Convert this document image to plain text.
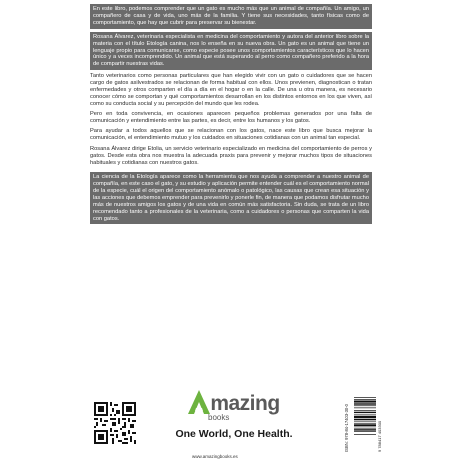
En este libro, podemos comprender que un gato es mucho más que un animal de compañía. Un amigo, un compañero de casa y de vida, uno más de la familia. Y tiene sus necesidades, tanto físicas como de comportamiento, que hay que cubrir para preservar su bienestar.
Rosana Álvarez, veterinaria especialista en medicina del comportamiento y autora del anterior libro sobre la materia con el título Etología canina, nos lo enseña en su nueva obra. Un gato es un animal que tiene un lenguaje propio para comunicarse, como especie posee unos comportamientos característicos que lo hacen único y a veces incomprendido. Un animal que está superando al perro como compañero preferido a la hora de compartir nuestras vidas.
Tanto veterinarios como personas particulares que han elegido vivir con un gato o cuidadores que se hacen cargo de gatos asilvestrados se relacionan de forma habitual con ellos. Unos previenen, diagnostican o tratan enfermedades y otros comparten el día a día en el hogar o en la calle. De una u otra manera, es necesario conocer cómo se comportan y qué comportamientos desarrollan en los distintos entornos en los que viven, así como su conducta social y su percepción del mundo que les rodea.
Pero en toda convivencia, en ocasiones aparecen pequeños problemas generados por una falta de comunicación y entendimiento entre las partes, es decir, entre los humanos y los gatos.
Para ayudar a todos aquellos que se relacionan con los gatos, nace este libro que busca mejorar la comunicación, el entendimiento mutuo y los cuidados en situaciones cotidianas con un animal tan especial.
Rosana Álvarez dirige Etolia, un servicio veterinario especializado en medicina del comportamiento de perros y gatos. Desde esta obra nos muestra la adecuada praxis para prevenir y mejorar muchos tipos de situaciones habituales y cotidianas con nuestros gatos.
La ciencia de la Etología aparece como la herramienta que nos ayuda a comprender a nuestro animal de compañía, en este caso el gato, y su estudio y aplicación permite entender cuál es el comportamiento normal de la especie, cuál el origen del comportamiento anómalo o patológico, las causas que crean esa situación y las acciones que debemos emprender para prevenirlo y ponerle fin, de manera que podamos disfrutar mucho más de nuestros amigos los gatos y de una vida en común más satisfactoria. Sin duda, se trata de un libro recomendado tanto a profesionales de la veterinaria, como a cuidadores o personas que comparten la vida con gatos.
mazing
books
One World, One Health.
www.amazingbooks.es
ISBN: 978-84-17403-30-0	9 788417 403300
